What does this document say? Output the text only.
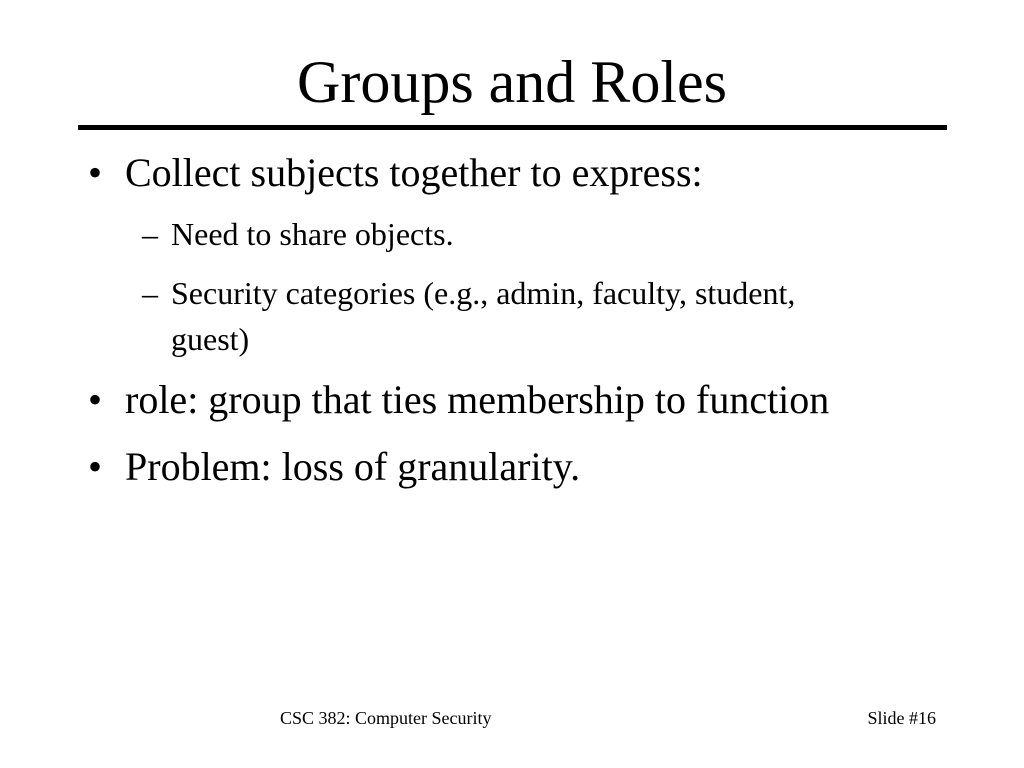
Groups and Roles
• Collect subjects together to express:
– Need to share objects.
– Security categories (e.g., admin, faculty, student, guest)
• role: group that ties membership to function
• Problem: loss of granularity.
CSC 382: Computer Security	Slide #16
